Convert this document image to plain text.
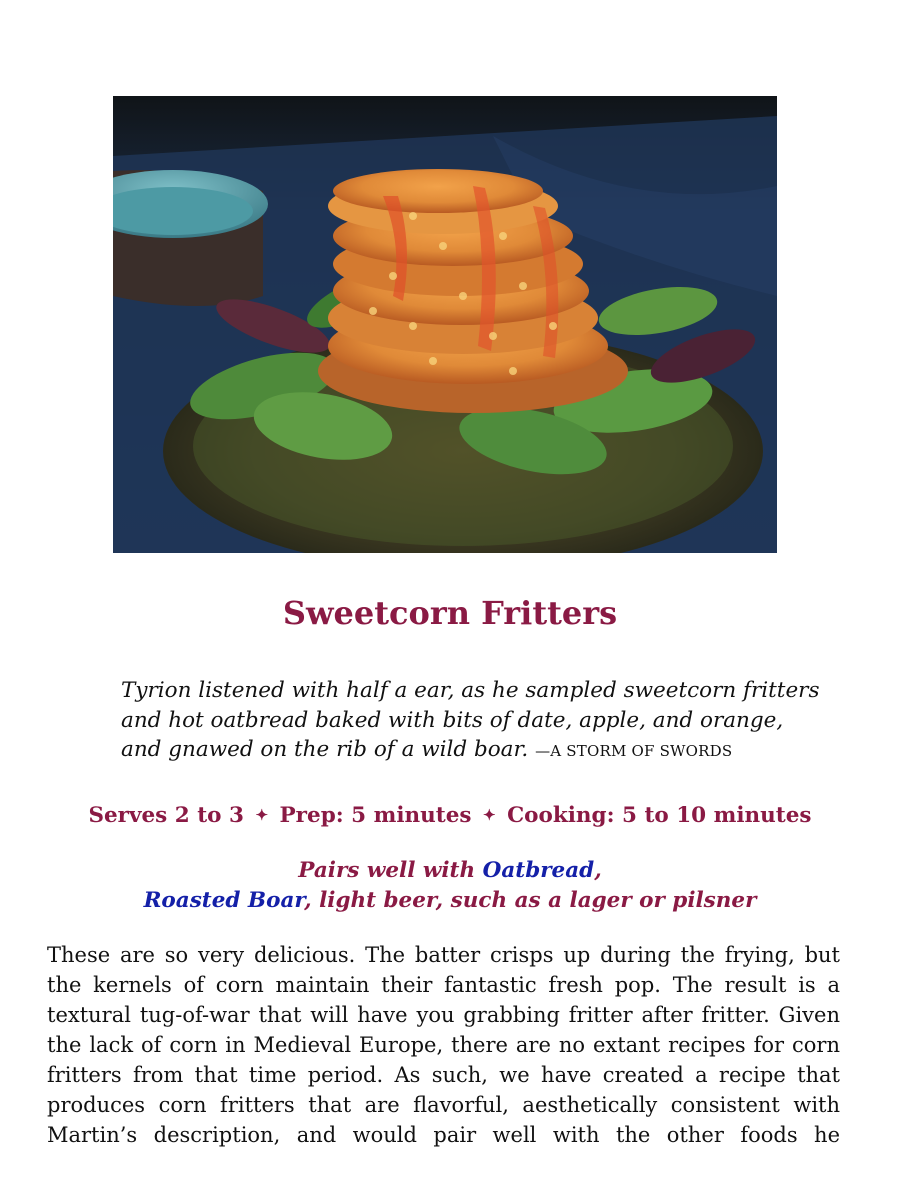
Sweetcorn Fritters
Tyrion listened with half a ear, as he sampled sweetcorn fritters
and hot oatbread baked with bits of date, apple, and orange,
and gnawed on the rib of a wild boar. —A STORM OF SWORDS
Serves 2 to 3 ✦ Prep: 5 minutes ✦ Cooking: 5 to 10 minutes
Pairs well with Oatbread,
Roasted Boar, light beer, such as a lager or pilsner
These are so very delicious. The batter crisps up during the frying, but
the kernels of corn maintain their fantastic fresh pop. The result is a
textural tug-of-war that will have you grabbing fritter after fritter. Given
the lack of corn in Medieval Europe, there are no extant recipes for corn
fritters from that time period. As such, we have created a recipe that
produces corn fritters that are flavorful, aesthetically consistent with
Martin’s description, and would pair well with the other foods he
